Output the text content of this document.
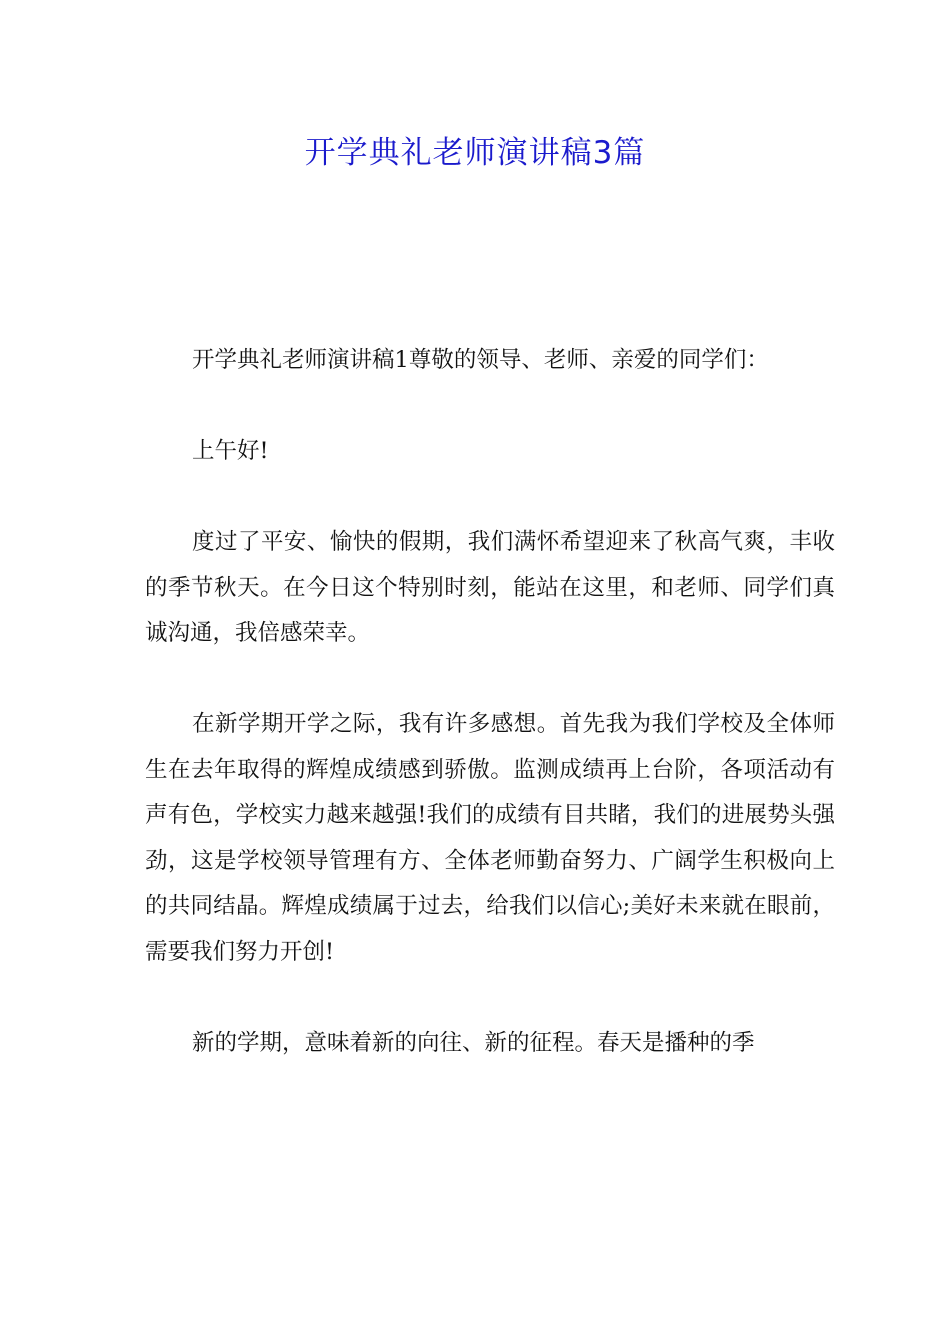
开学典礼老师演讲稿3篇

开学典礼老师演讲稿1尊敬的领导、老师、亲爱的同学们：

上午好!

度过了平安、愉快的假期，我们满怀希望迎来了秋高气爽，丰收的季节秋天。在今日这个特别时刻，能站在这里，和老师、同学们真诚沟通，我倍感荣幸。

在新学期开学之际，我有许多感想。首先我为我们学校及全体师生在去年取得的辉煌成绩感到骄傲。监测成绩再上台阶，各项活动有声有色，学校实力越来越强!我们的成绩有目共睹，我们的进展势头强劲，这是学校领导管理有方、全体老师勤奋努力、广阔学生积极向上的共同结晶。辉煌成绩属于过去，给我们以信心;美好未来就在眼前，需要我们努力开创!

新的学期，意味着新的向往、新的征程。春天是播种的季
